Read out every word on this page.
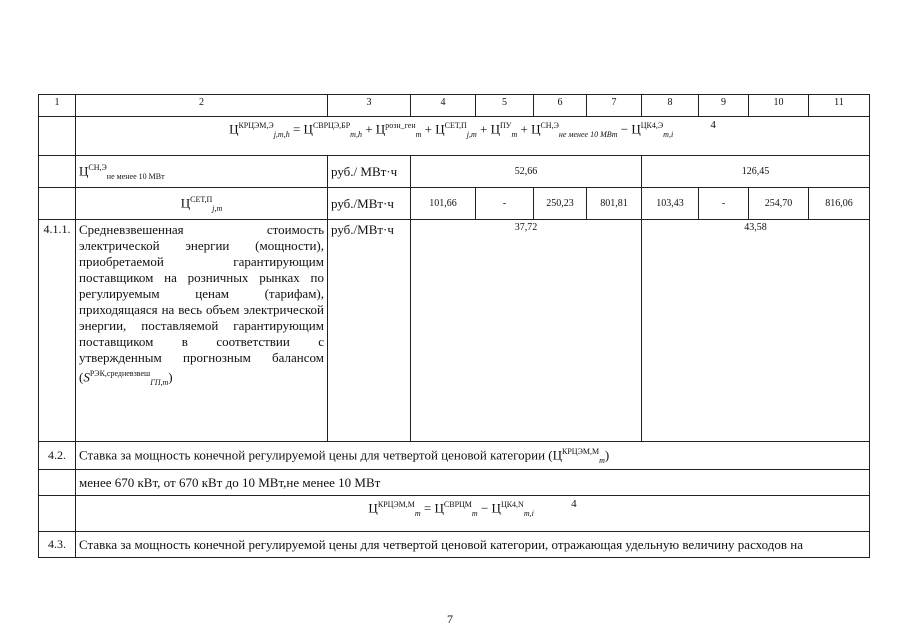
1	2	3	4	5	6	7	8	9	10	11
	$Ц^{КРЦЭМ,Э}_{j,m,h} = Ц^{СВРЦЭ,БР}_{m,h} + Ц^{розн\_ген}_m + Ц^{СЕТ,П}_{j,m} + Ц^{ПУ}_m + Ц^{СН,Э}_{не менее 10 МВт} - Ц^{ЦК4,Э}_{m,i}$ $^4$
	$Ц^{СН,Э}_{не менее 10 МВт}$	руб./ МВт·ч	52,66				126,45			
	$Ц^{СЕТ,П}_{j,m}$	руб./МВт·ч	101,66	-	250,23	801,81	103,43	-	254,70	816,06
4.1.1.	Средневзвешенная стоимость электрической энергии (мощности), приобретаемой гарантирующим поставщиком на розничных рынках по регулируемым ценам (тарифам), приходящаяся на весь объем электрической энергии, поставляемой гарантирующим поставщиком в соответствии с утвержденным прогнозным балансом $(S^{РЭК,средневзвеш}_{ГП,m})$	руб./МВт·ч	37,72				43,58			
4.2.	Ставка за мощность конечной регулируемой цены для четвертой ценовой категории $(Ц^{КРЦЭМ,М}_m)$									
	менее 670 кВт, от 670 кВт до 10 МВт,не менее 10 МВт									
	$Ц^{КРЦЭМ,М}_m = Ц^{СВРЦМ}_m - Ц^{ЦК4,N}_{m,i}$ $^4$
4.3.	Ставка за мощность конечной регулируемой цены для четвертой ценовой категории, отражающая удельную величину расходов на									
7
